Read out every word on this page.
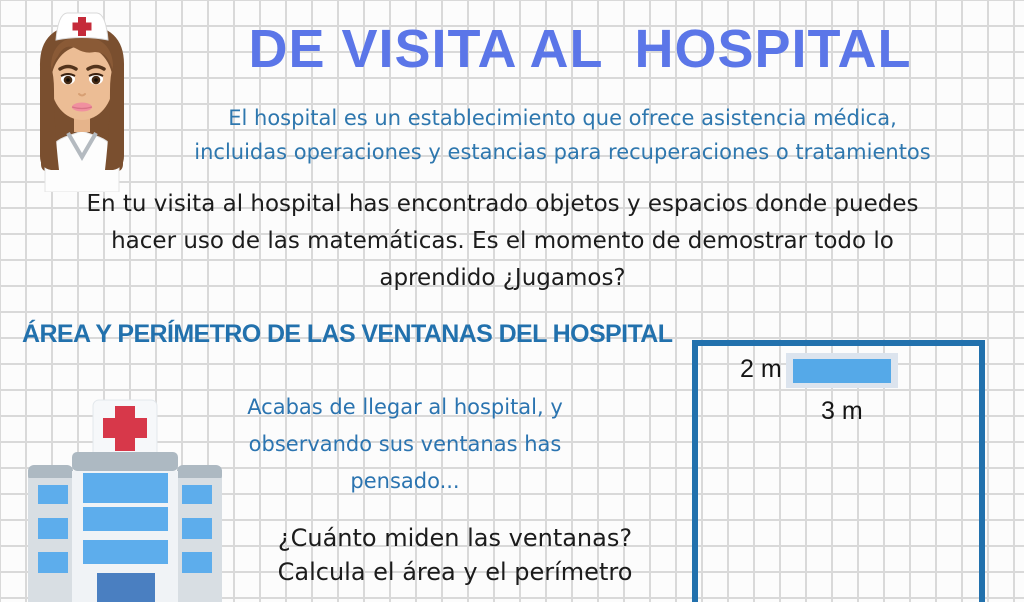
DE VISITA AL  HOSPITAL
El hospital es un establecimiento que ofrece asistencia médica,
incluidas operaciones y estancias para recuperaciones o tratamientos
En tu visita al hospital has encontrado objetos y espacios donde puedes
hacer uso de las matemáticas. Es el momento de demostrar todo lo
aprendido ¿Jugamos?
ÁREA Y PERÍMETRO DE LAS VENTANAS DEL HOSPITAL
Acabas de llegar al hospital, y
observando sus ventanas has
pensado...
¿Cuánto miden las ventanas?
Calcula el área y el perímetro
2 m
3 m
